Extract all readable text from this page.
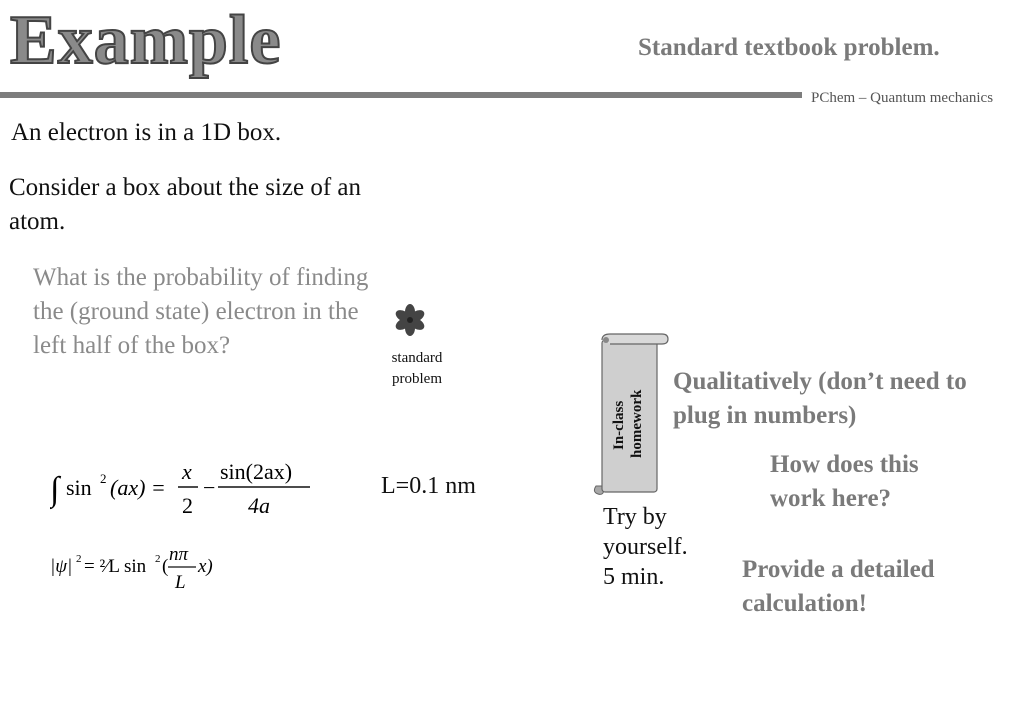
Example	Standard textbook problem.
PChem – Quantum mechanics
An electron is in a 1D box.
Consider a box about the size of an atom.
What is the probability of finding the (ground state) electron in the left half of the box?	standard
problem
∫ sin 2 (ax) =
x
2
−
sin(2ax)
4a
|ψ| 2 = ²⁄L sin 2 (
nπ
L
x)
L=0.1 nm
In-class homework
Try by
yourself.
5 min.
Qualitatively (don’t need to plug in numbers)
How does this work here?
Provide a detailed calculation!
